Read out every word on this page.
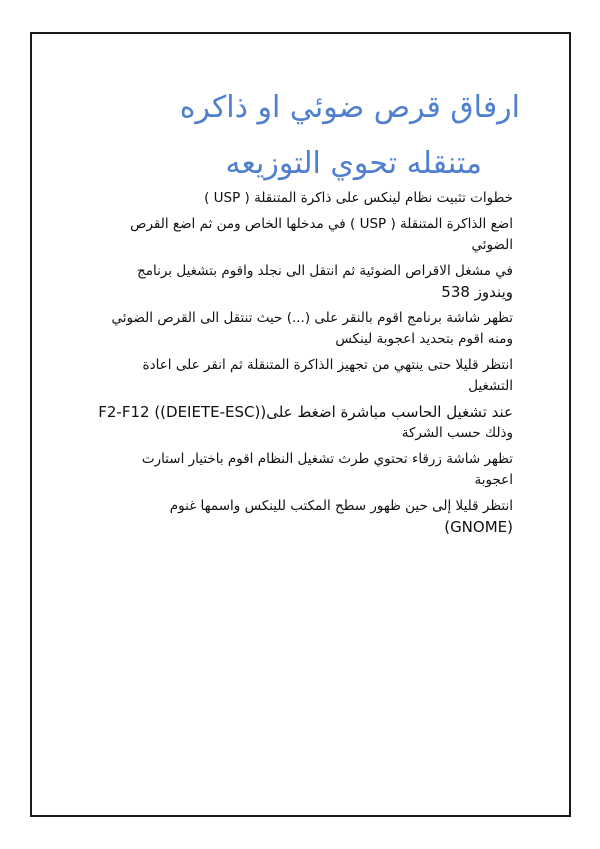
ارفاق قرص ضوئي او ذاكره
متنقله تحوي التوزيعه

خطوات تثبيت نظام لينكس على ذاكرة المتنقلة ( USP )

اضع الذاكرة المتنقلة ( USP ) في مدخلها الخاص ومن ثم اضع القرص
الضوئي

في مشغل الاقراص الضوئية ثم انتقل الى نجلد واقوم بتشغيل برنامج
ويندوز 538

تظهر شاشة برنامج اقوم بالنقر على (...) حيث تنتقل الى القرص الضوئي
ومنه اقوم بتحديد اعجوبة لينكس

انتظر قليلا حتى ينتهي من تجهيز الذاكرة المتنقلة ثم انقر على اعادة
التشغيل

عند تشغيل الحاسب مباشرة اضغط على((DEIETE-ESC)) F2-F12
وذلك حسب الشركة

تظهر شاشة زرقاء تحتوي طرث تشغيل النظام اقوم باختيار استارت
اعجوبة

انتظر قليلا إلى حين ظهور سطح المكتب للينكس واسمها غنوم
(GNOME)
